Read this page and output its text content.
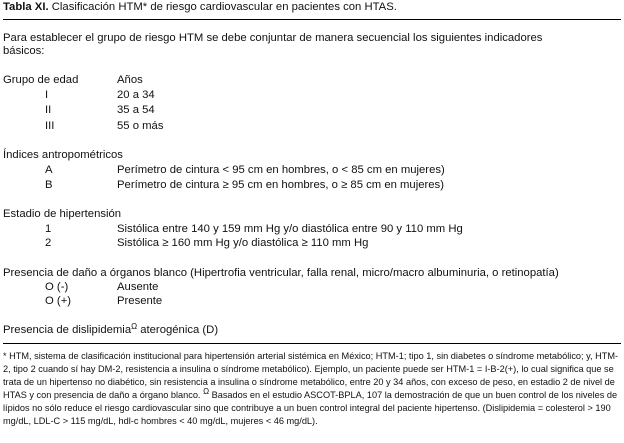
Tabla XI. Clasificación HTM* de riesgo cardiovascular en pacientes con HTAS.
Para establecer el grupo de riesgo HTM se debe conjuntar de manera secuencial los siguientes indicadores
básicos:
Grupo de edad	Años
I	20 a 34
II	35 a 54
III	55 o más
Índices antropométricos
A	Perímetro de cintura < 95 cm en hombres, o < 85 cm en mujeres)
B	Perímetro de cintura ≥ 95 cm en hombres, o ≥ 85 cm en mujeres)
Estadio de hipertensión
1	Sistólica entre 140 y 159 mm Hg y/o diastólica entre 90 y 110 mm Hg
2	Sistólica ≥ 160 mm Hg y/o diastólica ≥ 110 mm Hg
Presencia de daño a órganos blanco (Hipertrofia ventricular, falla renal, micro/macro albuminuria, o retinopatía)
O (-)	Ausente
O (+)	Presente
Presencia de dislipidemia$^\Omega$ aterogénica (D)
* HTM, sistema de clasificación institucional para hipertensión arterial sistémica en México; HTM-1; tipo 1, sin diabetes o síndrome metabólico; y, HTM-2, tipo 2 cuando sí hay DM-2, resistencia a insulina o síndrome metabólico). Ejemplo, un paciente puede ser HTM-1 = I-B-2(+), lo cual significa que se trata de un hipertenso no diabético, sin resistencia a insulina o síndrome metabólico, entre 20 y 34 años, con exceso de peso, en estadio 2 de nivel de HTAS y con presencia de daño a órgano blanco. $^\Omega$ Basados en el estudio ASCOT-BPLA, 107 la demostración de que un buen control de los niveles de lípidos no sólo reduce el riesgo cardiovascular sino que contribuye a un buen control integral del paciente hipertenso. (Dislipidemia = colesterol > 190 mg/dL, LDL-C > 115 mg/dL, hdl-c hombres < 40 mg/dL, mujeres < 46 mg/dL).
